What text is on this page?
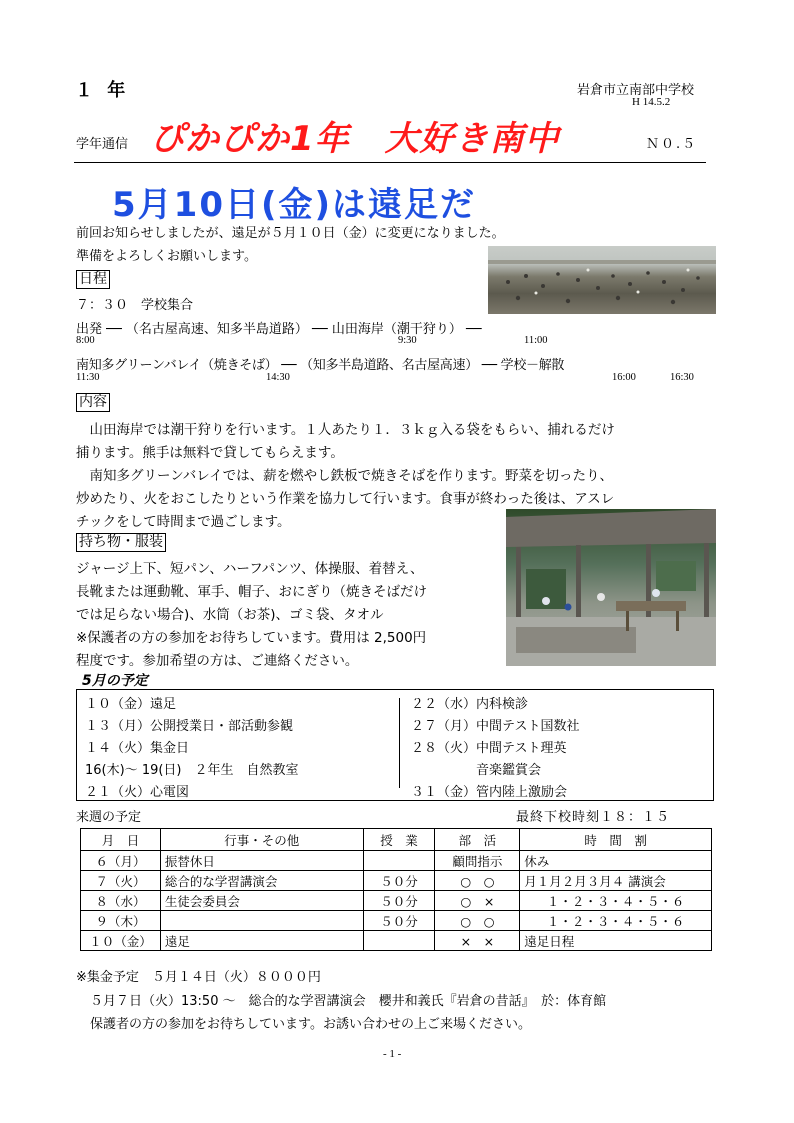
１ 年	岩倉市立南部中学校
H 14.5.2
学年通信 ぴかぴか1年　大好き南中	Ｎ０.５
5月10日(金)は遠足だ
前回お知らせしましたが、遠足が５月１０日（金）に変更になりました。
準備をよろしくお願いします。
日程
７：３０　学校集合
出発 ── （名古屋高速、知多半島道路） ── 山田海岸（潮干狩り） ──
8:00	9:30	11:00
南知多グリーンバレイ（焼きそば） ── （知多半島道路、名古屋高速） ── 学校－解散
11:30	14:30	16:00	16:30
内容
　山田海岸では潮干狩りを行います。１人あたり１．３ｋｇ入る袋をもらい、捕れるだけ
捕ります。熊手は無料で貸してもらえます。
　南知多グリーンバレイでは、薪を燃やし鉄板で焼きそばを作ります。野菜を切ったり、
炒めたり、火をおこしたりという作業を協力して行います。食事が終わった後は、アスレ
チックをして時間まで過ごします。
持ち物・服装
ジャージ上下、短パン、ハーフパンツ、体操服、着替え、
長靴または運動靴、軍手、帽子、おにぎり（焼きそばだけ
では足らない場合)、水筒（お茶)、ゴミ袋、タオル
※保護者の方の参加をお待ちしています。費用は 2,500円
程度です。参加希望の方は、ご連絡ください。
5月の予定
１０（金）遠足
１３（月）公開授業日・部活動参観
１４（火）集金日
16(木)～ 19(日)　２年生　自然教室
２１（火）心電図
２２（水）内科検診
２７（月）中間テスト国数社
２８（火）中間テスト理英
　　　　　音楽鑑賞会
３１（金）管内陸上激励会
来週の予定	最終下校時刻１８：１５
月　日	行事・その他	授　業	部　活	時　間　割
６（月）	振替休日		顧問指示	休み
７（火）	総合的な学習講演会	５０分	○　○	月１月２月３月４ 講演会
８（水）	生徒会委員会	５０分	○　×	１・２・３・４・５・６
９（木）		５０分	○　○	１・２・３・４・５・６
１０（金）	遠足		×　×	遠足日程
※集金予定　５月１４日（火）８０００円
５月７日（火）13:50 ～　総合的な学習講演会　櫻井和義氏『岩倉の昔話』　於：体育館
保護者の方の参加をお待ちしています。お誘い合わせの上ご来場ください。
- 1 -
